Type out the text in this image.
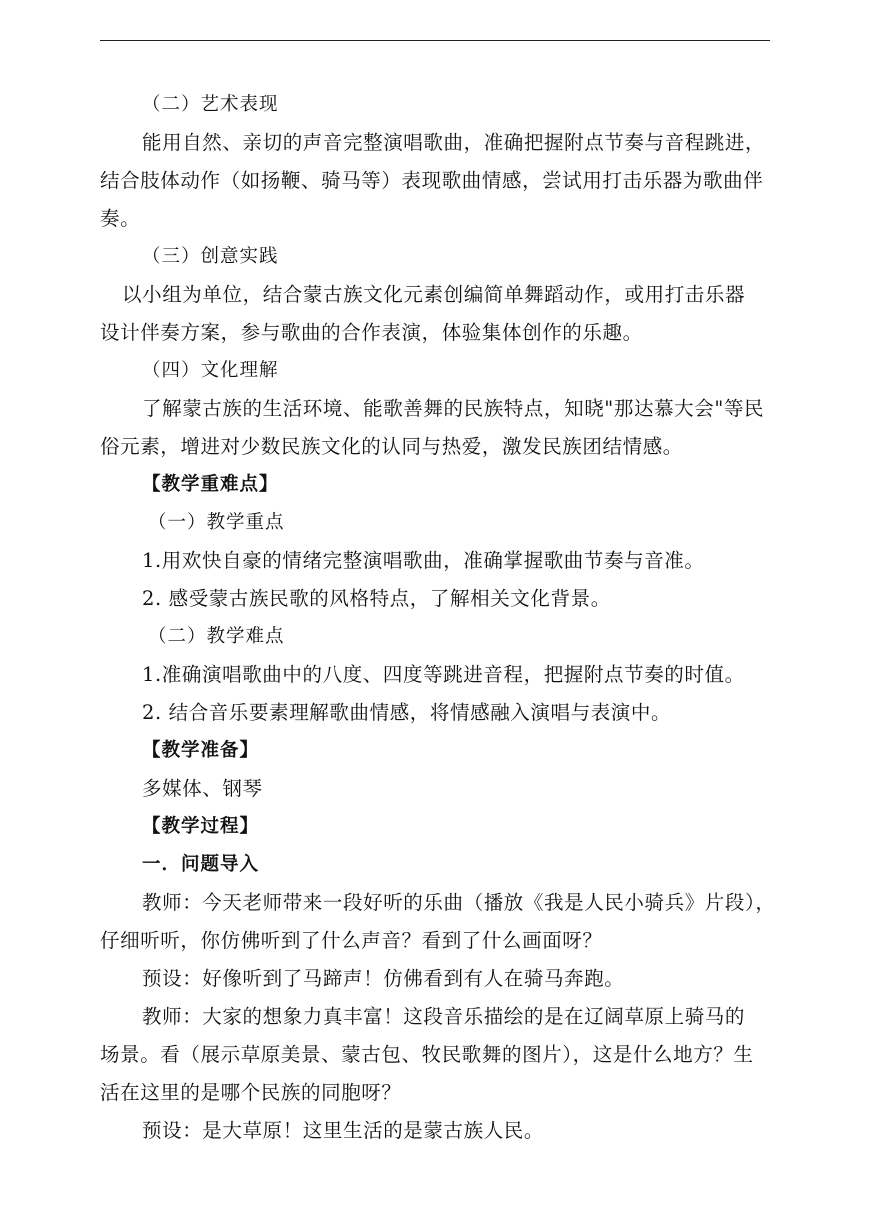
（二）艺术表现
能用自然、亲切的声音完整演唱歌曲，准确把握附点节奏与音程跳进，
结合肢体动作（如扬鞭、骑马等）表现歌曲情感，尝试用打击乐器为歌曲伴
奏。
（三）创意实践
以小组为单位，结合蒙古族文化元素创编简单舞蹈动作，或用打击乐器
设计伴奏方案，参与歌曲的合作表演，体验集体创作的乐趣。
（四）文化理解
了解蒙古族的生活环境、能歌善舞的民族特点，知晓"那达慕大会"等民
俗元素，增进对少数民族文化的认同与热爱，激发民族团结情感。
【教学重难点】
（一）教学重点
1.用欢快自豪的情绪完整演唱歌曲，准确掌握歌曲节奏与音准。
2. 感受蒙古族民歌的风格特点，了解相关文化背景。
（二）教学难点
1.准确演唱歌曲中的八度、四度等跳进音程，把握附点节奏的时值。
2. 结合音乐要素理解歌曲情感，将情感融入演唱与表演中。
【教学准备】
多媒体、钢琴
【教学过程】
一．问题导入
教师：今天老师带来一段好听的乐曲（播放《我是人民小骑兵》片段），
仔细听听，你仿佛听到了什么声音？看到了什么画面呀？
预设：好像听到了马蹄声！仿佛看到有人在骑马奔跑。
教师：大家的想象力真丰富！这段音乐描绘的是在辽阔草原上骑马的
场景。看（展示草原美景、蒙古包、牧民歌舞的图片），这是什么地方？生
活在这里的是哪个民族的同胞呀？
预设：是大草原！这里生活的是蒙古族人民。
